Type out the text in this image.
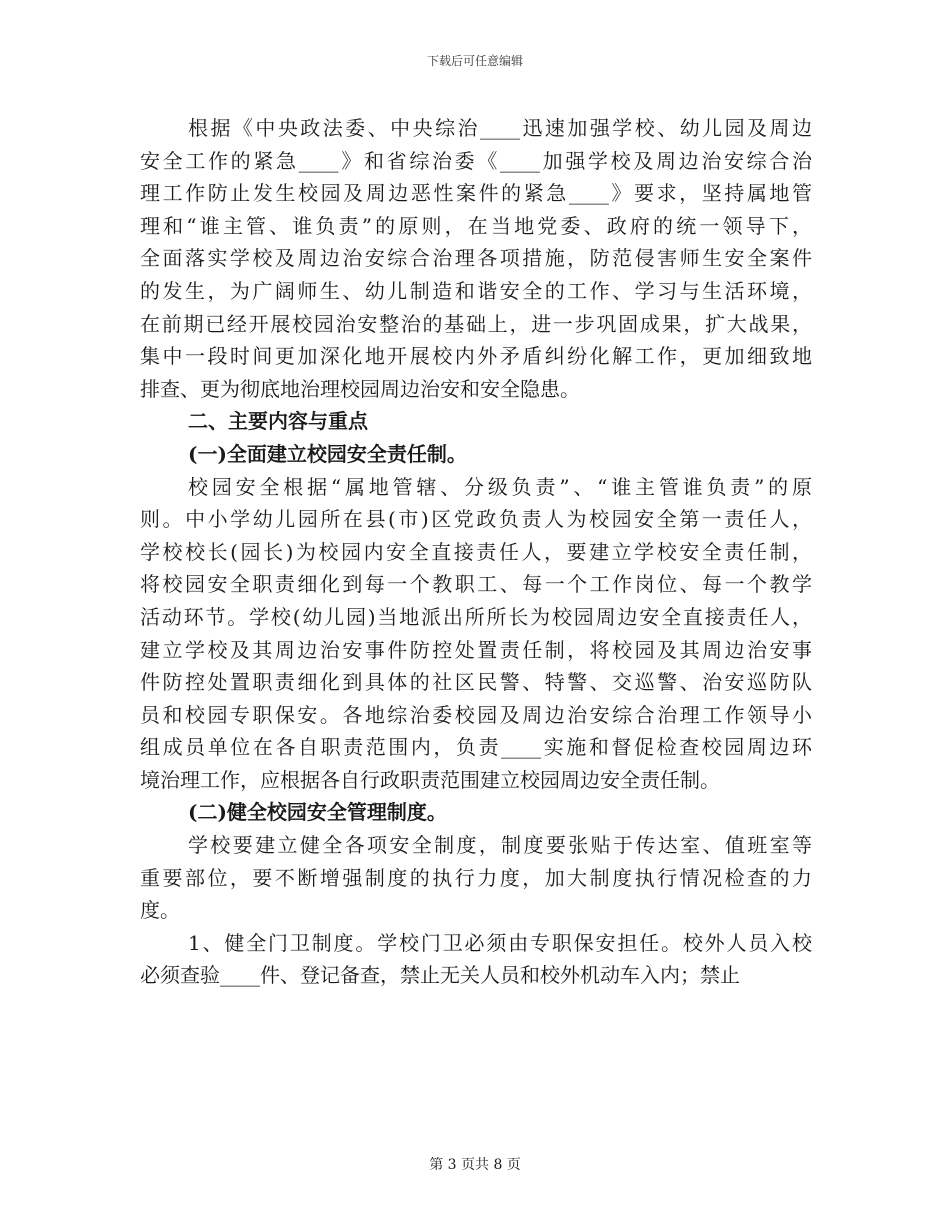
下载后可任意编辑
根据《中央政法委、中央综治____迅速加强学校、幼儿园及周边
安全工作的紧急____》和省综治委《____加强学校及周边治安综合治
理工作防止发生校园及周边恶性案件的紧急____》要求，坚持属地管
理和“谁主管、谁负责”的原则，在当地党委、政府的统一领导下，
全面落实学校及周边治安综合治理各项措施，防范侵害师生安全案件
的发生，为广阔师生、幼儿制造和谐安全的工作、学习与生活环境，
在前期已经开展校园治安整治的基础上，进一步巩固成果，扩大战果，
集中一段时间更加深化地开展校内外矛盾纠纷化解工作，更加细致地
排查、更为彻底地治理校园周边治安和安全隐患。
二、主要内容与重点
(一)全面建立校园安全责任制。
校园安全根据“属地管辖、分级负责”、“谁主管谁负责”的原
则。中小学幼儿园所在县(市)区党政负责人为校园安全第一责任人，
学校校长(园长)为校园内安全直接责任人，要建立学校安全责任制，
将校园安全职责细化到每一个教职工、每一个工作岗位、每一个教学
活动环节。学校(幼儿园)当地派出所所长为校园周边安全直接责任人，
建立学校及其周边治安事件防控处置责任制，将校园及其周边治安事
件防控处置职责细化到具体的社区民警、特警、交巡警、治安巡防队
员和校园专职保安。各地综治委校园及周边治安综合治理工作领导小
组成员单位在各自职责范围内，负责____实施和督促检查校园周边环
境治理工作，应根据各自行政职责范围建立校园周边安全责任制。
(二)健全校园安全管理制度。
学校要建立健全各项安全制度，制度要张贴于传达室、值班室等
重要部位，要不断增强制度的执行力度，加大制度执行情况检查的力
度。
1、健全门卫制度。学校门卫必须由专职保安担任。校外人员入校
必须查验____件、登记备查，禁止无关人员和校外机动车入内；禁止
第 3 页共 8 页
